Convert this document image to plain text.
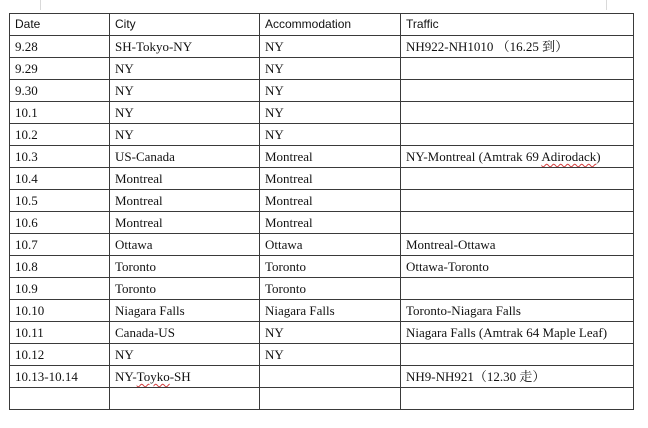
Date	City	Accommodation	Traffic
9.28	SH-Tokyo-NY	NY	NH922-NH1010 （16.25 到）
9.29	NY	NY	
9.30	NY	NY	
10.1	NY	NY	
10.2	NY	NY	
10.3	US-Canada	Montreal	NY-Montreal (Amtrak 69 Adirodack)
10.4	Montreal	Montreal	
10.5	Montreal	Montreal	
10.6	Montreal	Montreal	
10.7	Ottawa	Ottawa	Montreal-Ottawa
10.8	Toronto	Toronto	Ottawa-Toronto
10.9	Toronto	Toronto	
10.10	Niagara Falls	Niagara Falls	Toronto-Niagara Falls
10.11	Canada-US	NY	Niagara Falls (Amtrak 64 Maple Leaf)
10.12	NY	NY	
10.13-10.14	NY-Toyko-SH		NH9-NH921（12.30 走）
